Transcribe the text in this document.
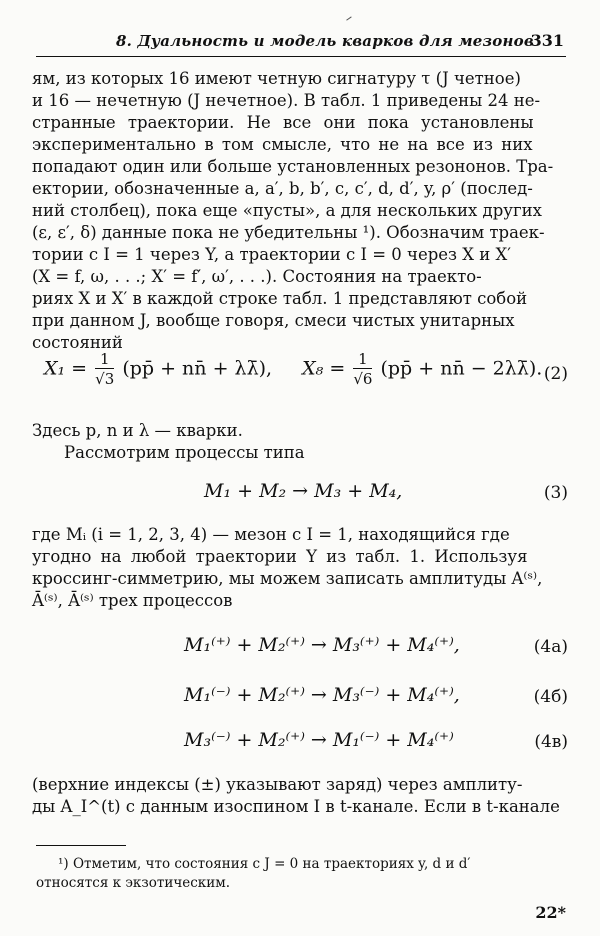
8. Дуальность и модель кварков для мезонов
331
ям, из которых 16 имеют четную сигнатуру τ (J четное)
и 16 — нечетную (J нечетное). В табл. 1 приведены 24 не-
странные траектории. Не все они пока установлены
экспериментально в том смысле, что не на все из них
попадают один или больше установленных резононов. Тра-
ектории, обозначенные a, a′, b, b′, c, c′, d, d′, y, ρ′ (послед-
ний столбец), пока еще «пусты», а для нескольких других
(ε, ε′, δ) данные пока не убедительны ¹). Обозначим траек-
тории с I = 1 через Y, а траектории с I = 0 через X и X′
(X = f, ω, . . .; X′ = f′, ω′, . . .). Состояния на траекто-
риях X и X′ в каждой строке табл. 1 представляют собой
при данном J, вообще говоря, смеси чистых унитарных
состояний
$X_1 = \frac{1}{√3}$ (pp̄ + nn̄ + λλ̄), $X_8 = \frac{1}{√6}$ (pp̄ + nn̄ − 2λλ̄). (2)
Здесь p, n и λ — кварки.
Рассмотрим процессы типа
M₁ + M₂ → M₃ + M₄,	(3)
где Mᵢ (i = 1, 2, 3, 4) — мезон с I = 1, находящийся где
угодно на любой траектории Y из табл. 1. Используя
кроссинг-симметрию, мы можем записать амплитуды A⁽ˢ⁾,
Ā⁽ˢ⁾, Ā⁽ˢ⁾ трех процессов
M₁⁽⁺⁾ + M₂⁽⁺⁾ → M₃⁽⁺⁾ + M₄⁽⁺⁾,	(4а)
M₁⁽⁻⁾ + M₂⁽⁺⁾ → M₃⁽⁻⁾ + M₄⁽⁺⁾,	(4б)
M₃⁽⁻⁾ + M₂⁽⁺⁾ → M₁⁽⁻⁾ + M₄⁽⁺⁾	(4в)
(верхние индексы (±) указывают заряд) через амплиту-
ды A_I^(t) с данным изоспином I в t-канале. Если в t-канале
¹) Отметим, что состояния с J = 0 на траекториях y, d и d′
относятся к экзотическим.
22*
